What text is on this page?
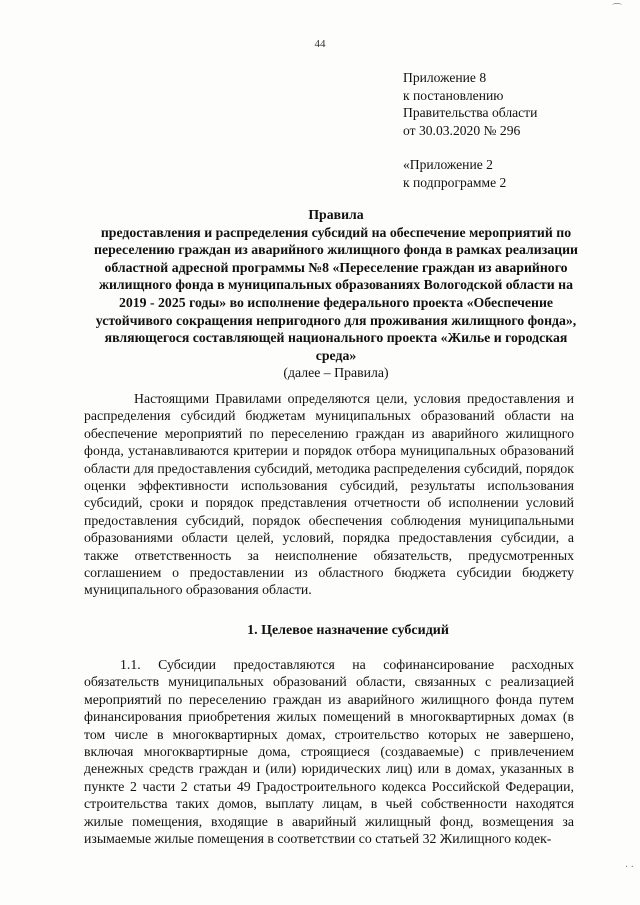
⌒
44
Приложение 8
к постановлению
Правительства области
от 30.03.2020 № 296
«Приложение 2
к подпрограмме 2
Правила
предоставления и распределения субсидий на обеспечение мероприятий по переселению граждан из аварийного жилищного фонда в рамках реализации областной адресной программы №8 «Переселение граждан из аварийного жилищного фонда в муниципальных образованиях Вологодской области на 2019 - 2025 годы» во исполнение федерального проекта «Обеспечение устойчивого сокращения непригодного для проживания жилищного фонда», являющегося составляющей национального проекта «Жилье и городская среда»
(далее – Правила)
Настоящими Правилами определяются цели, условия предоставления и распределения субсидий бюджетам муниципальных образований области на обеспечение мероприятий по переселению граждан из аварийного жилищного фонда, устанавливаются критерии и порядок отбора муниципальных образований области для предоставления субсидий, методика распределения субсидий, порядок оценки эффективности использования субсидий, результаты использования субсидий, сроки и порядок представления отчетности об исполнении условий предоставления субсидий, порядок обеспечения соблюдения муниципальными образованиями области целей, условий, порядка предоставления субсидии, а также ответственность за неисполнение обязательств, предусмотренных соглашением о предоставлении из областного бюджета субсидии бюджету муниципального образования области.
1. Целевое назначение субсидий
1.1. Субсидии предоставляются на софинансирование расходных обязательств муниципальных образований области, связанных с реализацией мероприятий по переселению граждан из аварийного жилищного фонда путем финансирования приобретения жилых помещений в многоквартирных домах (в том числе в многоквартирных домах, строительство которых не завершено, включая многоквартирные дома, строящиеся (создаваемые) с привлечением денежных средств граждан и (или) юридических лиц) или в домах, указанных в пункте 2 части 2 статьи 49 Градостроительного кодекса Российской Федерации, строительства таких домов, выплату лицам, в чьей собственности находятся жилые помещения, входящие в аварийный жилищный фонд, возмещения за изымаемые жилые помещения в соответствии со статьей 32 Жилищного кодек-
· ·
